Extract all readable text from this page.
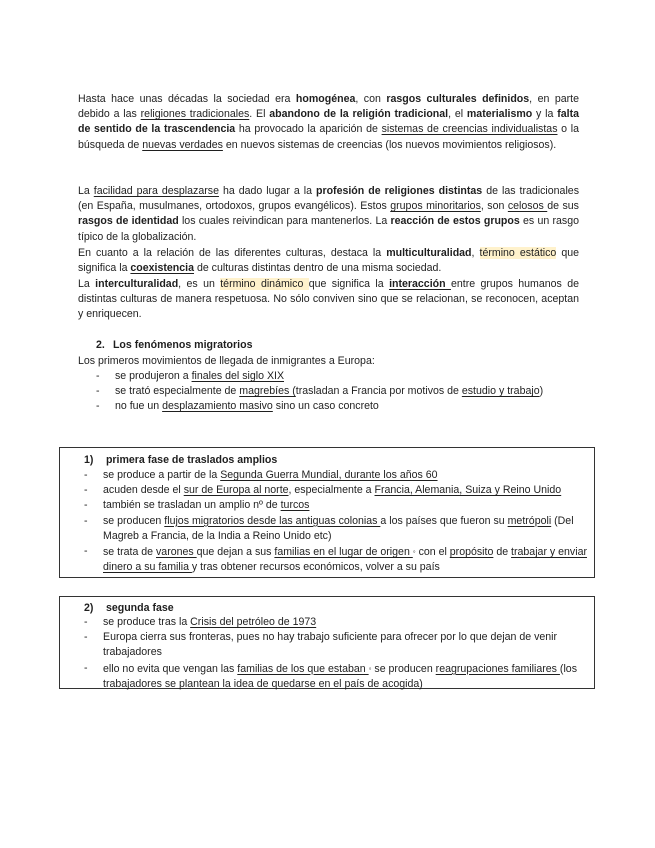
Hasta hace unas décadas la sociedad era homogénea, con rasgos culturales definidos, en parte debido a las religiones tradicionales. El abandono de la religión tradicional, el materialismo y la falta de sentido de la trascendencia ha provocado la aparición de sistemas de creencias individualistas o la búsqueda de nuevas verdades en nuevos sistemas de creencias (los nuevos movimientos religiosos).

La facilidad para desplazarse ha dado lugar a la profesión de religiones distintas de las tradicionales (en España, musulmanes, ortodoxos, grupos evangélicos). Estos grupos minoritarios, son celosos de sus rasgos de identidad los cuales reivindican para mantenerlos. La reacción de estos grupos es un rasgo típico de la globalización.

En cuanto a la relación de las diferentes culturas, destaca la multiculturalidad, término estático que significa la coexistencia de culturas distintas dentro de una misma sociedad.

La interculturalidad, es un término dinámico que significa la interacción entre grupos humanos de distintas culturas de manera respetuosa. No sólo conviven sino que se relacionan, se reconocen, aceptan y enriquecen.

2. Los fenómenos migratorios
Los primeros movimientos de llegada de inmigrantes a Europa:
- se produjeron a finales del siglo XIX
- se trató especialmente de magrebíes (trasladan a Francia por motivos de estudio y trabajo)
- no fue un desplazamiento masivo sino un caso concreto
1) primera fase de traslados amplios
- se produce a partir de la Segunda Guerra Mundial, durante los años 60
- acuden desde el sur de Europa al norte, especialmente a Francia, Alemania, Suiza y Reino Unido
- también se trasladan un amplio nº de turcos
- se producen flujos migratorios desde las antiguas colonias a los países que fueron su metrópoli (Del Magreb a Francia, de la India a Reino Unido etc)
- se trata de varones que dejan a sus familias en el lugar de origen ◦ con el propósito de trabajar y enviar dinero a su familia y tras obtener recursos económicos, volver a su país
2) segunda fase
- se produce tras la Crisis del petróleo de 1973
- Europa cierra sus fronteras, pues no hay trabajo suficiente para ofrecer por lo que dejan de venir trabajadores
- ello no evita que vengan las familias de los que estaban ◦ se producen reagrupaciones familiares (los trabajadores se plantean la idea de quedarse en el país de acogida)
